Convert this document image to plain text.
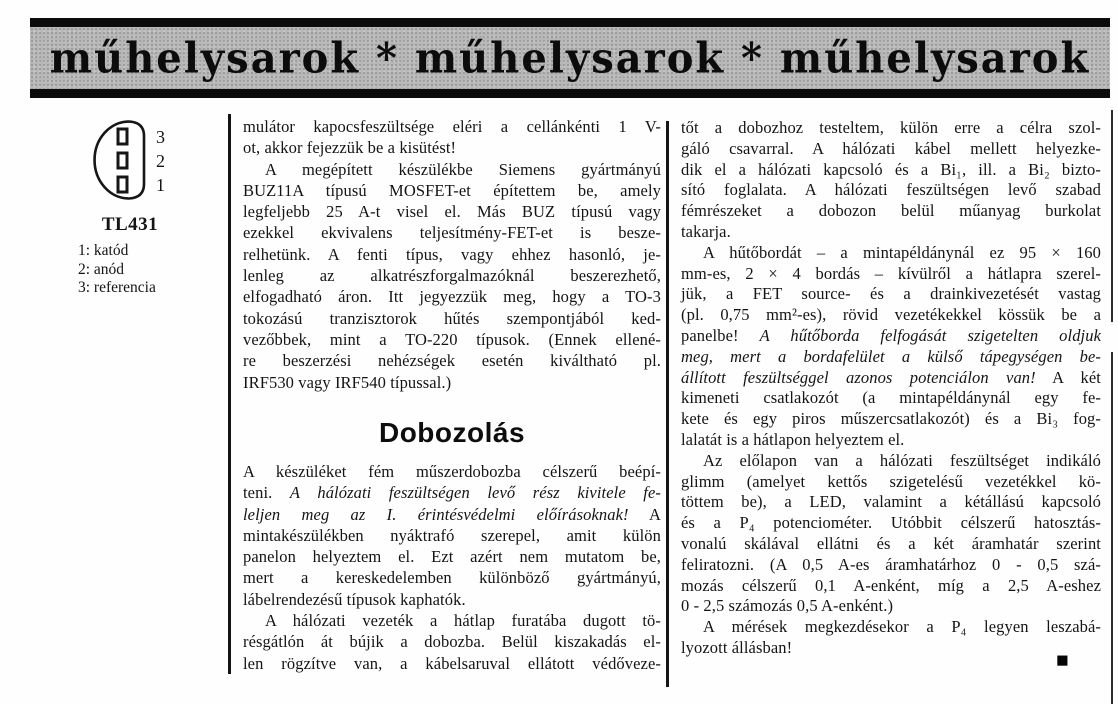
műhelysarok * műhelysarok * műhelysarok
3
2
1
TL431
1: katód
2: anód
3: referencia
mulátor kapocsfeszültsége eléri a cellánkénti 1 V-
ot, akkor fejezzük be a kisütést!
A megépített készülékbe Siemens gyártmányú
BUZ11A típusú MOSFET-et építettem be, amely
legfeljebb 25 A-t visel el. Más BUZ típusú vagy
ezekkel ekvivalens teljesítmény-FET-et is besze-
relhetünk. A fenti típus, vagy ehhez hasonló, je-
lenleg az alkatrészforgalmazóknál beszerezhető,
elfogadható áron. Itt jegyezzük meg, hogy a TO-3
tokozású tranzisztorok hűtés szempontjából ked-
vezőbbek, mint a TO-220 típusok. (Ennek ellené-
re beszerzési nehézségek esetén kiváltható pl.
IRF530 vagy IRF540 típussal.)
Dobozolás
A készüléket fém műszerdobozba célszerű beépí-
teni. A hálózati feszültségen levő rész kivitele fe-
leljen meg az I. érintésvédelmi előírásoknak! A
mintakészülékben nyáktrafó szerepel, amit külön
panelon helyeztem el. Ezt azért nem mutatom be,
mert a kereskedelemben különböző gyártmányú,
lábelrendezésű típusok kaphatók.
A hálózati vezeték a hátlap furatába dugott tö-
résgátlón át bújik a dobozba. Belül kiszakadás el-
len rögzítve van, a kábelsaruval ellátott védőveze-
tőt a dobozhoz testeltem, külön erre a célra szol-
gáló csavarral. A hálózati kábel mellett helyezke-
dik el a hálózati kapcsoló és a Bi₁, ill. a Bi₂ bizto-
sító foglalata. A hálózati feszültségen levő szabad
fémrészeket a dobozon belül műanyag burkolat
takarja.
A hűtőbordát – a mintapéldánynál ez 95 × 160
mm-es, 2 × 4 bordás – kívülről a hátlapra szerel-
jük, a FET source- és a drainkivezetését vastag
(pl. 0,75 mm²-es), rövid vezetékekkel kössük be a
panelbe! A hűtőborda felfogását szigetelten oldjuk
meg, mert a bordafelület a külső tápegységen be-
állított feszültséggel azonos potenciálon van! A két
kimeneti csatlakozót (a mintapéldánynál egy fe-
kete és egy piros műszercsatlakozót) és a Bi₃ fog-
lalatát is a hátlapon helyeztem el.
Az előlapon van a hálózati feszültséget indikáló
glimm (amelyet kettős szigetelésű vezetékkel kö-
töttem be), a LED, valamint a kétállású kapcsoló
és a P₄ potenciométer. Utóbbit célszerű hatosztás-
vonalú skálával ellátni és a két áramhatár szerint
feliratozni. (A 0,5 A-es áramhatárhoz 0 - 0,5 szá-
mozás célszerű 0,1 A-enként, míg a 2,5 A-eshez
0 - 2,5 számozás 0,5 A-enként.)
A mérések megkezdésekor a P₄ legyen leszabá-
lyozott állásban!
■
